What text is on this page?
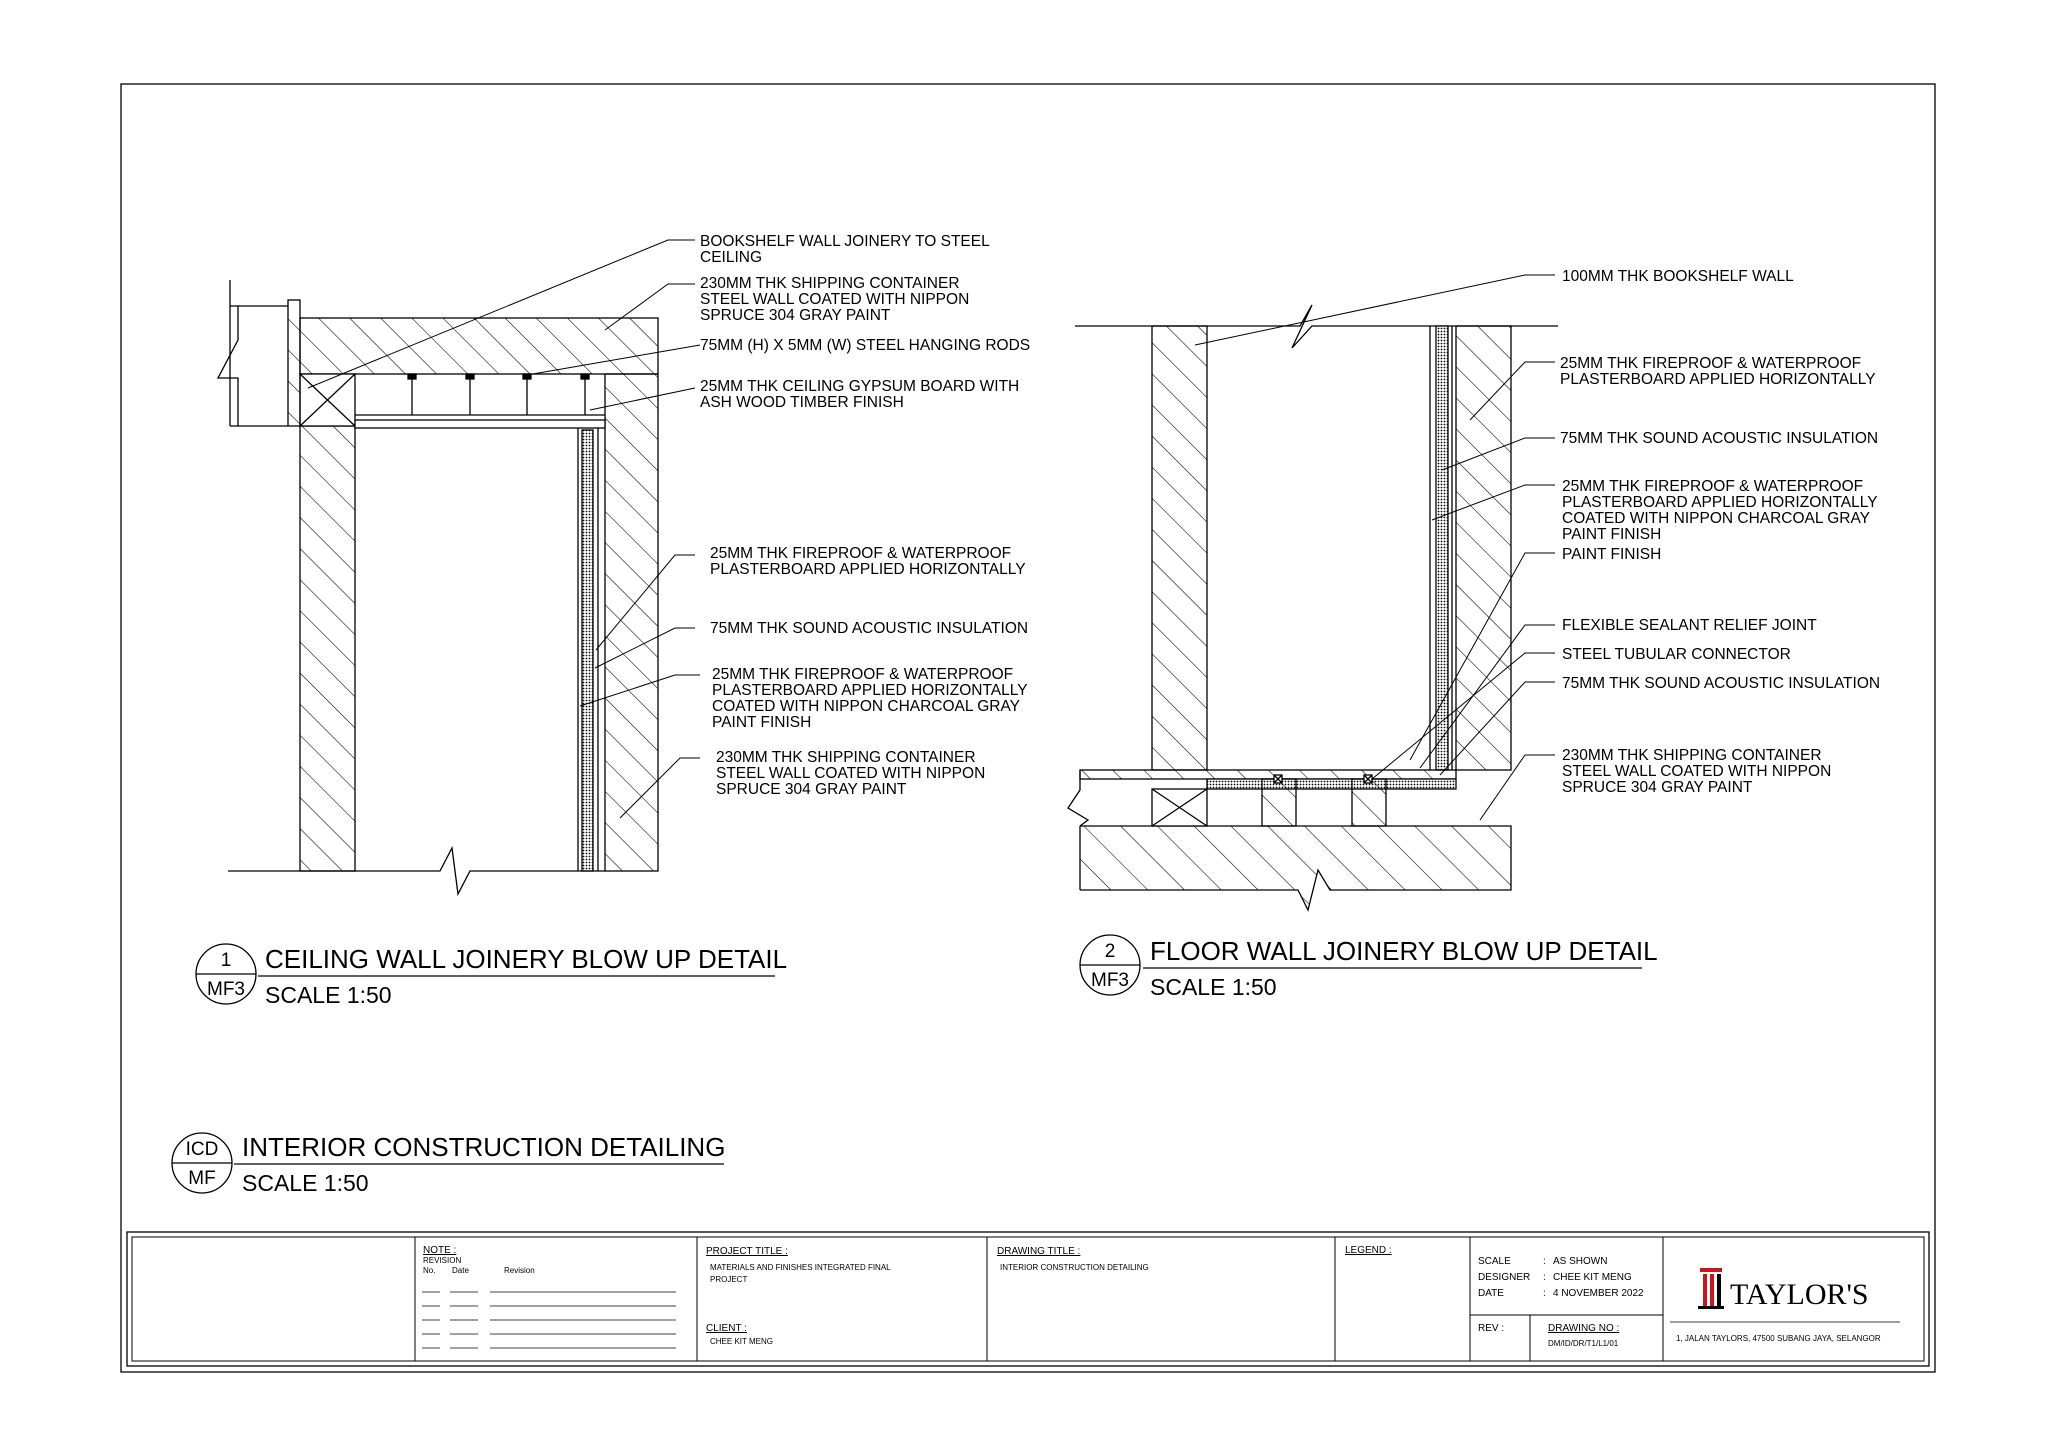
BOOKSHELF WALL JOINERY TO STEEL
CEILING
230MM THK SHIPPING CONTAINER
STEEL WALL COATED WITH NIPPON
SPRUCE 304 GRAY PAINT
75MM (H) X 5MM (W) STEEL HANGING RODS
25MM THK CEILING GYPSUM BOARD WITH
ASH WOOD TIMBER FINISH
25MM THK FIREPROOF & WATERPROOF
PLASTERBOARD APPLIED HORIZONTALLY
75MM THK SOUND ACOUSTIC INSULATION
25MM THK FIREPROOF & WATERPROOF
PLASTERBOARD APPLIED HORIZONTALLY
COATED WITH NIPPON CHARCOAL GRAY
PAINT FINISH
230MM THK SHIPPING CONTAINER
STEEL WALL COATED WITH NIPPON
SPRUCE 304 GRAY PAINT
1
MF3
CEILING WALL JOINERY BLOW UP DETAIL
SCALE 1:50
100MM THK BOOKSHELF WALL
25MM THK FIREPROOF & WATERPROOF
PLASTERBOARD APPLIED HORIZONTALLY
75MM THK SOUND ACOUSTIC INSULATION
25MM THK FIREPROOF & WATERPROOF
PLASTERBOARD APPLIED HORIZONTALLY
COATED WITH NIPPON CHARCOAL GRAY
PAINT FINISH
PAINT FINISH
FLEXIBLE SEALANT RELIEF JOINT
STEEL TUBULAR CONNECTOR
75MM THK SOUND ACOUSTIC INSULATION
230MM THK SHIPPING CONTAINER
STEEL WALL COATED WITH NIPPON
SPRUCE 304 GRAY PAINT
2
MF3
FLOOR WALL JOINERY BLOW UP DETAIL
SCALE 1:50
ICD
MF
INTERIOR CONSTRUCTION DETAILING
SCALE 1:50
NOTE :
REVISION
No. Date	Revision
PROJECT TITLE :
MATERIALS AND FINISHES INTEGRATED FINAL
PROJECT
CLIENT :
CHEE KIT MENG
DRAWING TITLE :
INTERIOR CONSTRUCTION DETAILING
LEGEND :
SCALE	: AS SHOWN
DESIGNER : CHEE KIT MENG
DATE	: 4 NOVEMBER 2022
REV :	DRAWING NO :
DM/ID/DR/T1/L1/01
TAYLOR'S
1, JALAN TAYLORS, 47500 SUBANG JAYA, SELANGOR
